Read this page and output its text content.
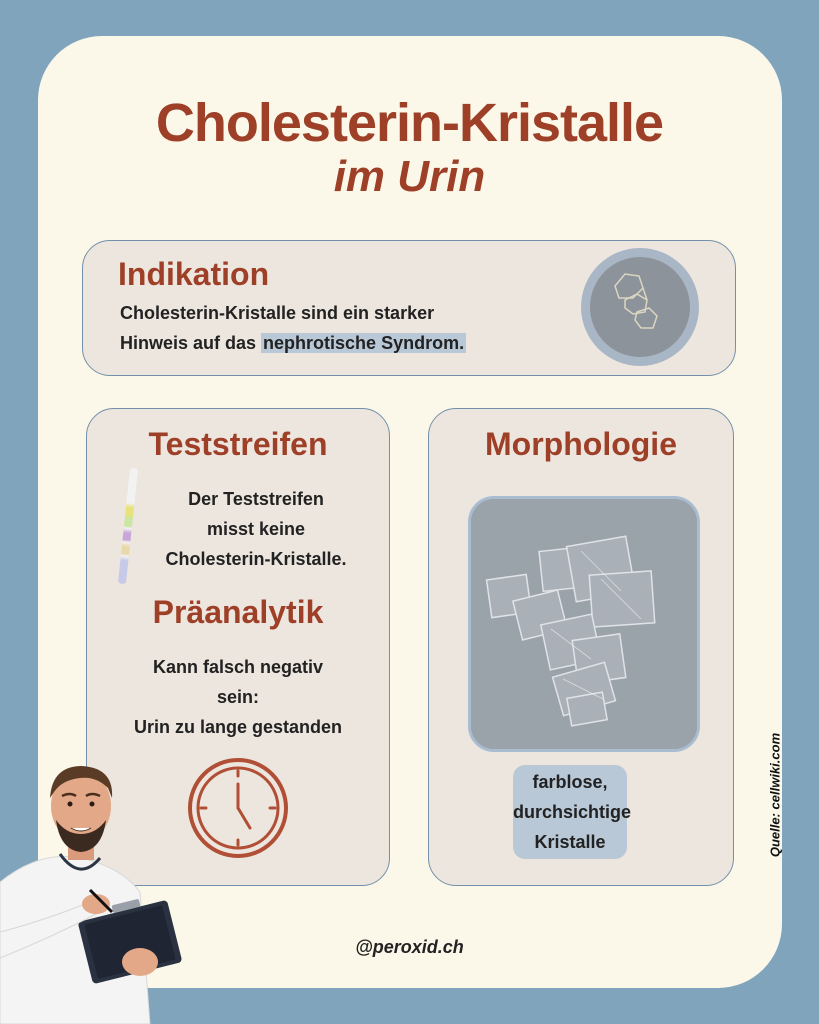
Cholesterin-Kristalle
im Urin
Indikation
Cholesterin-Kristalle sind ein starker
Hinweis auf das nephrotische Syndrom.
Teststreifen
Der Teststreifen
misst keine
Cholesterin-Kristalle.
Präanalytik
Kann falsch negativ
sein:
Urin zu lange gestanden
Morphologie
farblose,
durchsichtige
Kristalle
@peroxid.ch
Quelle: cellwiki.com
